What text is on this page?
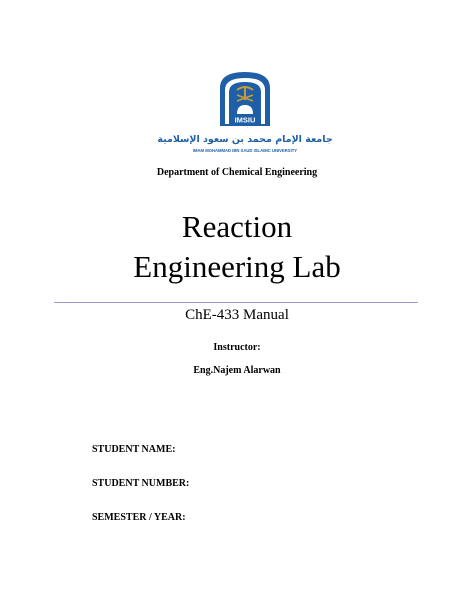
IMSIU
جامعة الإمام محمد بن سعود الإسلامية
IMAM MOHAMMAD IBN SAUD ISLAMIC UNIVERSITY
Department of Chemical Engineering
Reaction
Engineering Lab
ChE-433 Manual
Instructor:
Eng.Najem Alarwan
STUDENT NAME:
STUDENT NUMBER:
SEMESTER / YEAR:
